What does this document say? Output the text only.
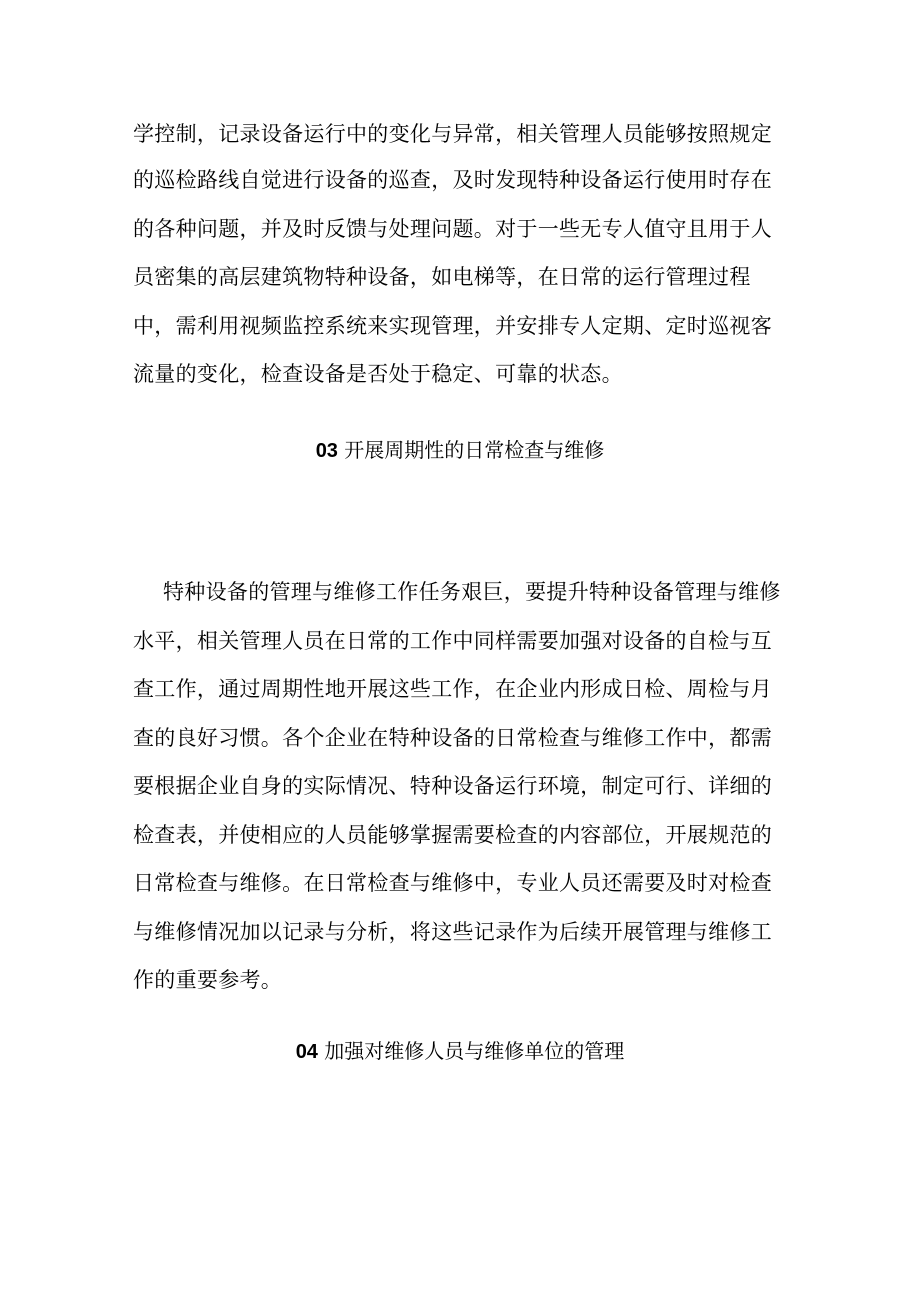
学控制，记录设备运行中的变化与异常，相关管理人员能够按照规定
的巡检路线自觉进行设备的巡查，及时发现特种设备运行使用时存在
的各种问题，并及时反馈与处理问题。对于一些无专人值守且用于人
员密集的高层建筑物特种设备，如电梯等，在日常的运行管理过程
中，需利用视频监控系统来实现管理，并安排专人定期、定时巡视客
流量的变化，检查设备是否处于稳定、可靠的状态。
03 开展周期性的日常检查与维修
特种设备的管理与维修工作任务艰巨，要提升特种设备管理与维修
水平，相关管理人员在日常的工作中同样需要加强对设备的自检与互
查工作，通过周期性地开展这些工作，在企业内形成日检、周检与月
查的良好习惯。各个企业在特种设备的日常检查与维修工作中，都需
要根据企业自身的实际情况、特种设备运行环境，制定可行、详细的
检查表，并使相应的人员能够掌握需要检查的内容部位，开展规范的
日常检查与维修。在日常检查与维修中，专业人员还需要及时对检查
与维修情况加以记录与分析，将这些记录作为后续开展管理与维修工
作的重要参考。
04 加强对维修人员与维修单位的管理
